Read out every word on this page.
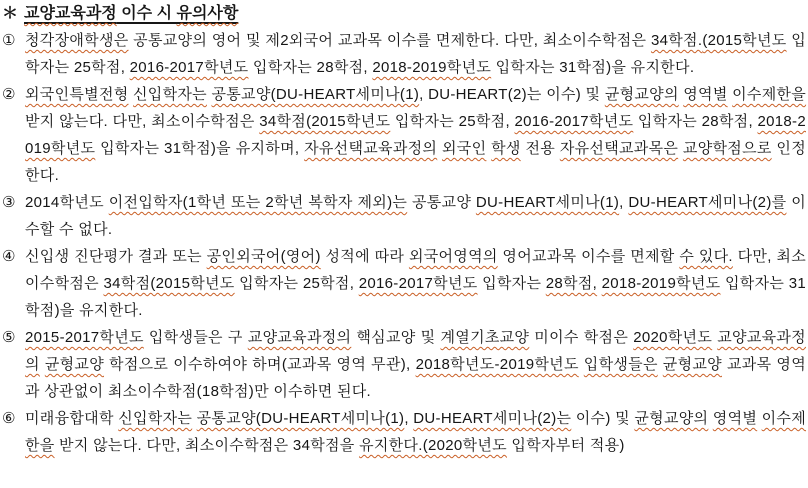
＊ 교양교육과정 이수 시 유의사항
① 청각장애학생은 공통교양의 영어 및 제2외국어 교과목 이수를 면제한다. 다만, 최소이수학점은 34학점.(2015학년도 입학자는 25학점, 2016-2017학년도 입학자는 28학점, 2018-2019학년도 입학자는 31학점)을 유지한다.
② 외국인특별전형 신입학자는 공통교양(DU-HEART세미나(1), DU-HEART(2)는 이수) 및 균형교양의 영역별 이수제한을 받지 않는다. 다만, 최소이수학점은 34학점(2015학년도 입학자는 25학점, 2016-2017학년도 입학자는 28학점, 2018-2019학년도 입학자는 31학점)을 유지하며, 자유선택교육과정의 외국인 학생 전용 자유선택교과목은 교양학점으로 인정한다.
③ 2014학년도 이전입학자(1학년 또는 2학년 복학자 제외)는 공통교양 DU-HEART세미나(1), DU-HEART세미나(2)를 이수할 수 없다.
④ 신입생 진단평가 결과 또는 공인외국어(영어) 성적에 따라 외국어영역의 영어교과목 이수를 면제할 수 있다. 다만, 최소이수학점은 34학점(2015학년도 입학자는 25학점, 2016-2017학년도 입학자는 28학점, 2018-2019학년도 입학자는 31학점)을 유지한다.
⑤ 2015-2017학년도 입학생들은 구 교양교육과정의 핵심교양 및 계열기초교양 미이수 학점은 2020학년도 교양교육과정의 균형교양 학점으로 이수하여야 하며(교과목 영역 무관), 2018학년도-2019학년도 입학생들은 균형교양 교과목 영역과 상관없이 최소이수학점(18학점)만 이수하면 된다.
⑥ 미래융합대학 신입학자는 공통교양(DU-HEART세미나(1), DU-HEART세미나(2)는 이수) 및 균형교양의 영역별 이수제한을 받지 않는다. 다만, 최소이수학점은 34학점을 유지한다.(2020학년도 입학자부터 적용)
